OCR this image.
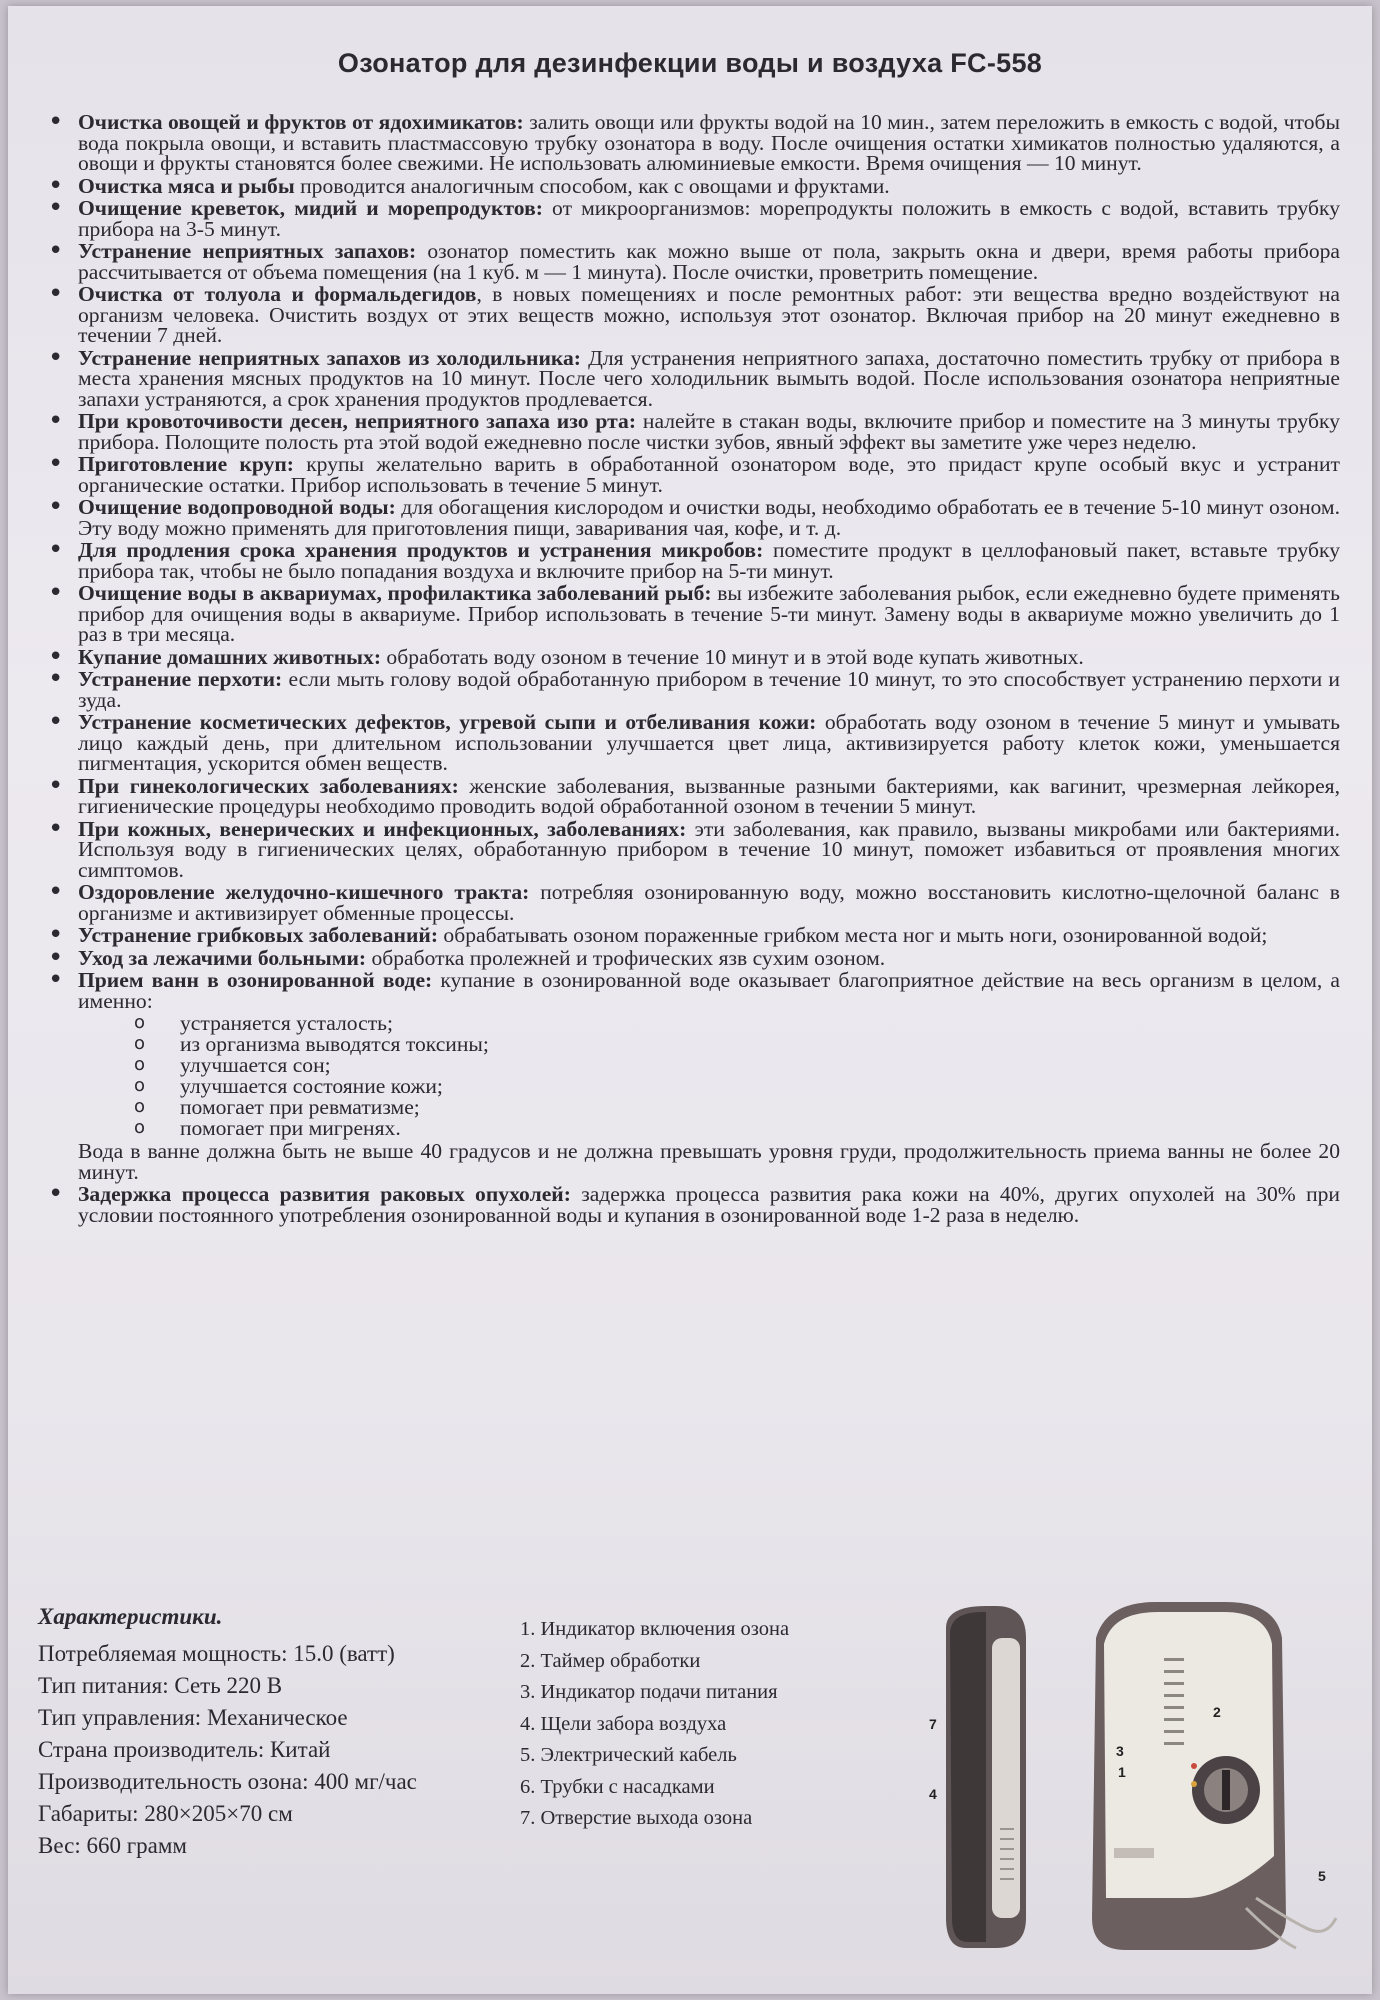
Озонатор для дезинфекции воды и воздуха FC-558
• Очистка овощей и фруктов от ядохимикатов: залить овощи или фрукты водой на 10 мин., затем переложить в емкость с водой, чтобы вода покрыла овощи, и вставить пластмассовую трубку озонатора в воду. После очищения остатки химикатов полностью удаляются, а овощи и фрукты становятся более свежими. Не использовать алюминиевые емкости. Время очищения — 10 минут.
• Очистка мяса и рыбы проводится аналогичным способом, как с овощами и фруктами.
• Очищение креветок, мидий и морепродуктов: от микроорганизмов: морепродукты положить в емкость с водой, вставить трубку прибора на 3-5 минут.
• Устранение неприятных запахов: озонатор поместить как можно выше от пола, закрыть окна и двери, время работы прибора рассчитывается от объема помещения (на 1 куб. м — 1 минута). После очистки, проветрить помещение.
• Очистка от толуола и формальдегидов, в новых помещениях и после ремонтных работ: эти вещества вредно воздействуют на организм человека. Очистить воздух от этих веществ можно, используя этот озонатор. Включая прибор на 20 минут ежедневно в течении 7 дней.
• Устранение неприятных запахов из холодильника: Для устранения неприятного запаха, достаточно поместить трубку от прибора в места хранения мясных продуктов на 10 минут. После чего холодильник вымыть водой. После использования озонатора неприятные запахи устраняются, а срок хранения продуктов продлевается.
• При кровоточивости десен, неприятного запаха изо рта: налейте в стакан воды, включите прибор и поместите на 3 минуты трубку прибора. Полощите полость рта этой водой ежедневно после чистки зубов, явный эффект вы заметите уже через неделю.
• Приготовление круп: крупы желательно варить в обработанной озонатором воде, это придаст крупе особый вкус и устранит органические остатки. Прибор использовать в течение 5 минут.
• Очищение водопроводной воды: для обогащения кислородом и очистки воды, необходимо обработать ее в течение 5-10 минут озоном. Эту воду можно применять для приготовления пищи, заваривания чая, кофе, и т. д.
• Для продления срока хранения продуктов и устранения микробов: поместите продукт в целлофановый пакет, вставьте трубку прибора так, чтобы не было попадания воздуха и включите прибор на 5-ти минут.
• Очищение воды в аквариумах, профилактика заболеваний рыб: вы избежите заболевания рыбок, если ежедневно будете применять прибор для очищения воды в аквариуме. Прибор использовать в течение 5-ти минут. Замену воды в аквариуме можно увеличить до 1 раз в три месяца.
• Купание домашних животных: обработать воду озоном в течение 10 минут и в этой воде купать животных.
• Устранение перхоти: если мыть голову водой обработанную прибором в течение 10 минут, то это способствует устранению перхоти и зуда.
• Устранение косметических дефектов, угревой сыпи и отбеливания кожи: обработать воду озоном в течение 5 минут и умывать лицо каждый день, при длительном использовании улучшается цвет лица, активизируется работу клеток кожи, уменьшается пигментация, ускорится обмен веществ.
• При гинекологических заболеваниях: женские заболевания, вызванные разными бактериями, как вагинит, чрезмерная лейкорея, гигиенические процедуры необходимо проводить водой обработанной озоном в течении 5 минут.
• При кожных, венерических и инфекционных, заболеваниях: эти заболевания, как правило, вызваны микробами или бактериями. Используя воду в гигиенических целях, обработанную прибором в течение 10 минут, поможет избавиться от проявления многих симптомов.
• Оздоровление желудочно-кишечного тракта: потребляя озонированную воду, можно восстановить кислотно-щелочной баланс в организме и активизирует обменные процессы.
• Устранение грибковых заболеваний: обрабатывать озоном пораженные грибком места ног и мыть ноги, озонированной водой;
• Уход за лежачими больными: обработка пролежней и трофических язв сухим озоном.
• Прием ванн в озонированной воде: купание в озонированной воде оказывает благоприятное действие на весь организм в целом, а именно:
o устраняется усталость;
o из организма выводятся токсины;
o улучшается сон;
o улучшается состояние кожи;
o помогает при ревматизме;
o помогает при мигренях.
Вода в ванне должна быть не выше 40 градусов и не должна превышать уровня груди, продолжительность приема ванны не более 20 минут.
• Задержка процесса развития раковых опухолей: задержка процесса развития рака кожи на 40%, других опухолей на 30% при условии постоянного употребления озонированной воды и купания в озонированной воде 1-2 раза в неделю.
Характеристики.
Потребляемая мощность: 15.0 (ватт)
Тип питания: Сеть 220 В
Тип управления: Механическое
Страна производитель: Китай
Производительность озона: 400 мг/час
Габариты: 280×205×70 см
Вес: 660 грамм
1. Индикатор включения озона
2. Таймер обработки
3. Индикатор подачи питания
4. Щели забора воздуха
5. Электрический кабель
6. Трубки с насадками
7. Отверстие выхода озона
7
4
2
3
1
5
